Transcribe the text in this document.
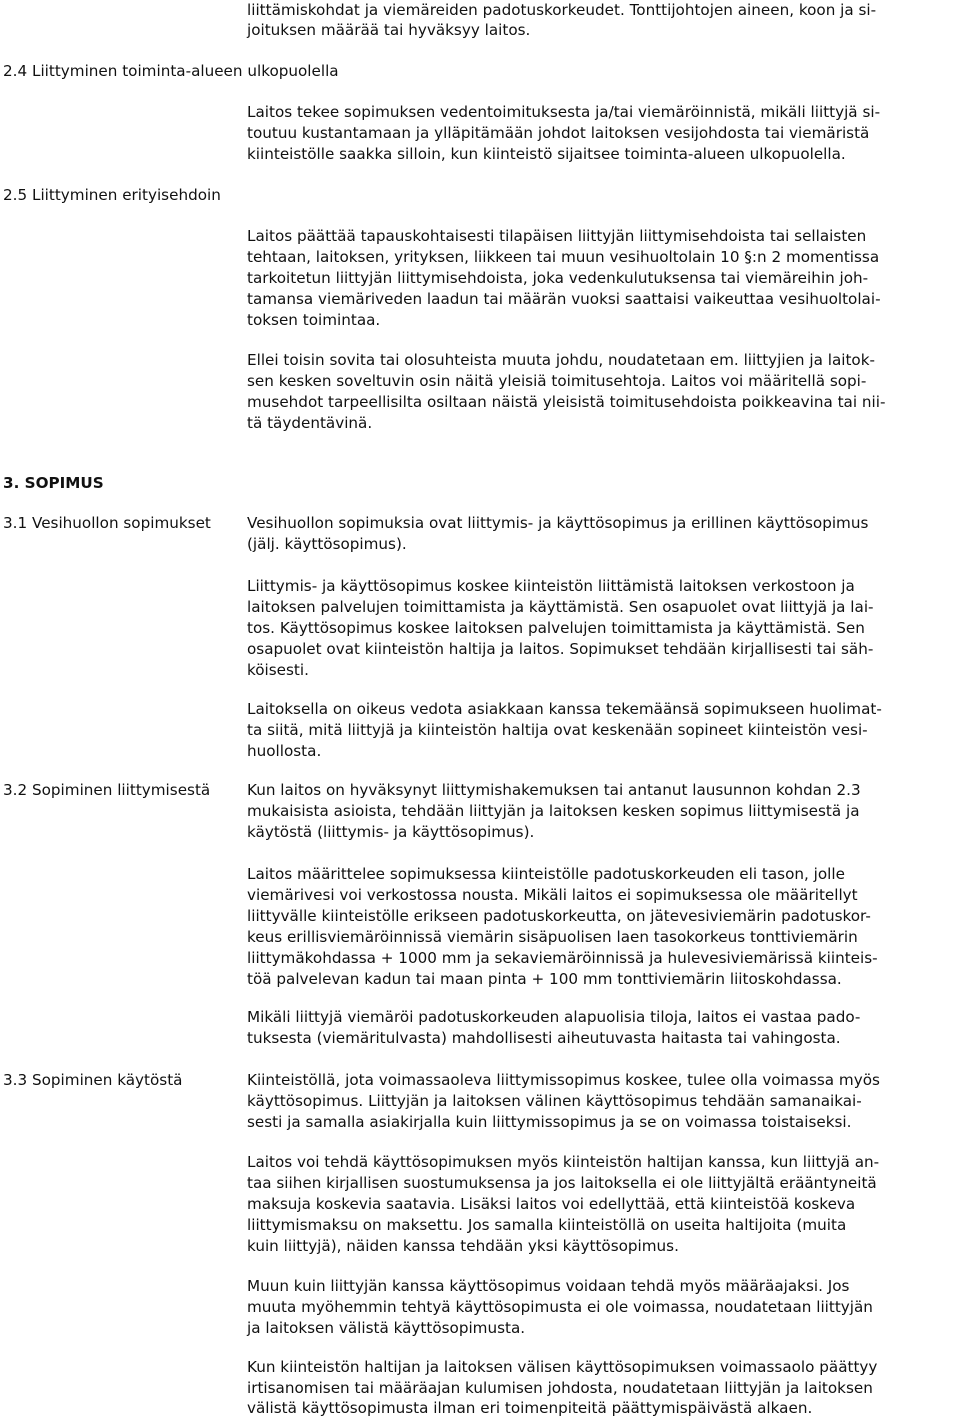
liittämiskohdat ja viemäreiden padotuskorkeudet. Tonttijohtojen aineen, koon ja si-
joituksen määrää tai hyväksyy laitos.
2.4 Liittyminen toiminta-alueen ulkopuolella
Laitos tekee sopimuksen vedentoimituksesta ja/tai viemäröinnistä, mikäli liittyjä si-
toutuu kustantamaan ja ylläpitämään johdot laitoksen vesijohdosta tai viemäristä
kiinteistölle saakka silloin, kun kiinteistö sijaitsee toiminta-alueen ulkopuolella.
2.5 Liittyminen erityisehdoin
Laitos päättää tapauskohtaisesti tilapäisen liittyjän liittymisehdoista tai sellaisten
tehtaan, laitoksen, yrityksen, liikkeen tai muun vesihuoltolain 10 §:n 2 momentissa
tarkoitetun liittyjän liittymisehdoista, joka vedenkulutuksensa tai viemäreihin joh-
tamansa viemäriveden laadun tai määrän vuoksi saattaisi vaikeuttaa vesihuoltolai-
toksen toimintaa.
Ellei toisin sovita tai olosuhteista muuta johdu, noudatetaan em. liittyjien ja laitok-
sen kesken soveltuvin osin näitä yleisiä toimitusehtoja. Laitos voi määritellä sopi-
musehdot tarpeellisilta osiltaan näistä yleisistä toimitusehdoista poikkeavina tai nii-
tä täydentävinä.
3. SOPIMUS
3.1 Vesihuollon sopimukset Vesihuollon sopimuksia ovat liittymis- ja käyttösopimus ja erillinen käyttösopimus
(jälj. käyttösopimus).
Liittymis- ja käyttösopimus koskee kiinteistön liittämistä laitoksen verkostoon ja
laitoksen palvelujen toimittamista ja käyttämistä. Sen osapuolet ovat liittyjä ja lai-
tos. Käyttösopimus koskee laitoksen palvelujen toimittamista ja käyttämistä. Sen
osapuolet ovat kiinteistön haltija ja laitos. Sopimukset tehdään kirjallisesti tai säh-
köisesti.
Laitoksella on oikeus vedota asiakkaan kanssa tekemäänsä sopimukseen huolimat-
ta siitä, mitä liittyjä ja kiinteistön haltija ovat keskenään sopineet kiinteistön vesi-
huollosta.
3.2 Sopiminen liittymisestä Kun laitos on hyväksynyt liittymishakemuksen tai antanut lausunnon kohdan 2.3
mukaisista asioista, tehdään liittyjän ja laitoksen kesken sopimus liittymisestä ja
käytöstä (liittymis- ja käyttösopimus).
Laitos määrittelee sopimuksessa kiinteistölle padotuskorkeuden eli tason, jolle
viemärivesi voi verkostossa nousta. Mikäli laitos ei sopimuksessa ole määritellyt
liittyvälle kiinteistölle erikseen padotuskorkeutta, on jätevesiviemärin padotuskor-
keus erillisviemäröinnissä viemärin sisäpuolisen laen tasokorkeus tonttiviemärin
liittymäkohdassa + 1000 mm ja sekaviemäröinnissä ja hulevesiviemärissä kiinteis-
töä palvelevan kadun tai maan pinta + 100 mm tonttiviemärin liitoskohdassa.
Mikäli liittyjä viemäröi padotuskorkeuden alapuolisia tiloja, laitos ei vastaa pado-
tuksesta (viemäritulvasta) mahdollisesti aiheutuvasta haitasta tai vahingosta.
3.3 Sopiminen käytöstä	Kiinteistöllä, jota voimassaoleva liittymissopimus koskee, tulee olla voimassa myös
käyttösopimus. Liittyjän ja laitoksen välinen käyttösopimus tehdään samanaikai-
sesti ja samalla asiakirjalla kuin liittymissopimus ja se on voimassa toistaiseksi.
Laitos voi tehdä käyttösopimuksen myös kiinteistön haltijan kanssa, kun liittyjä an-
taa siihen kirjallisen suostumuksensa ja jos laitoksella ei ole liittyjältä erääntyneitä
maksuja koskevia saatavia. Lisäksi laitos voi edellyttää, että kiinteistöä koskeva
liittymismaksu on maksettu. Jos samalla kiinteistöllä on useita haltijoita (muita
kuin liittyjä), näiden kanssa tehdään yksi käyttösopimus.
Muun kuin liittyjän kanssa käyttösopimus voidaan tehdä myös määräajaksi. Jos
muuta myöhemmin tehtyä käyttösopimusta ei ole voimassa, noudatetaan liittyjän
ja laitoksen välistä käyttösopimusta.
Kun kiinteistön haltijan ja laitoksen välisen käyttösopimuksen voimassaolo päättyy
irtisanomisen tai määräajan kulumisen johdosta, noudatetaan liittyjän ja laitoksen
välistä käyttösopimusta ilman eri toimenpiteitä päättymispäivästä alkaen.
